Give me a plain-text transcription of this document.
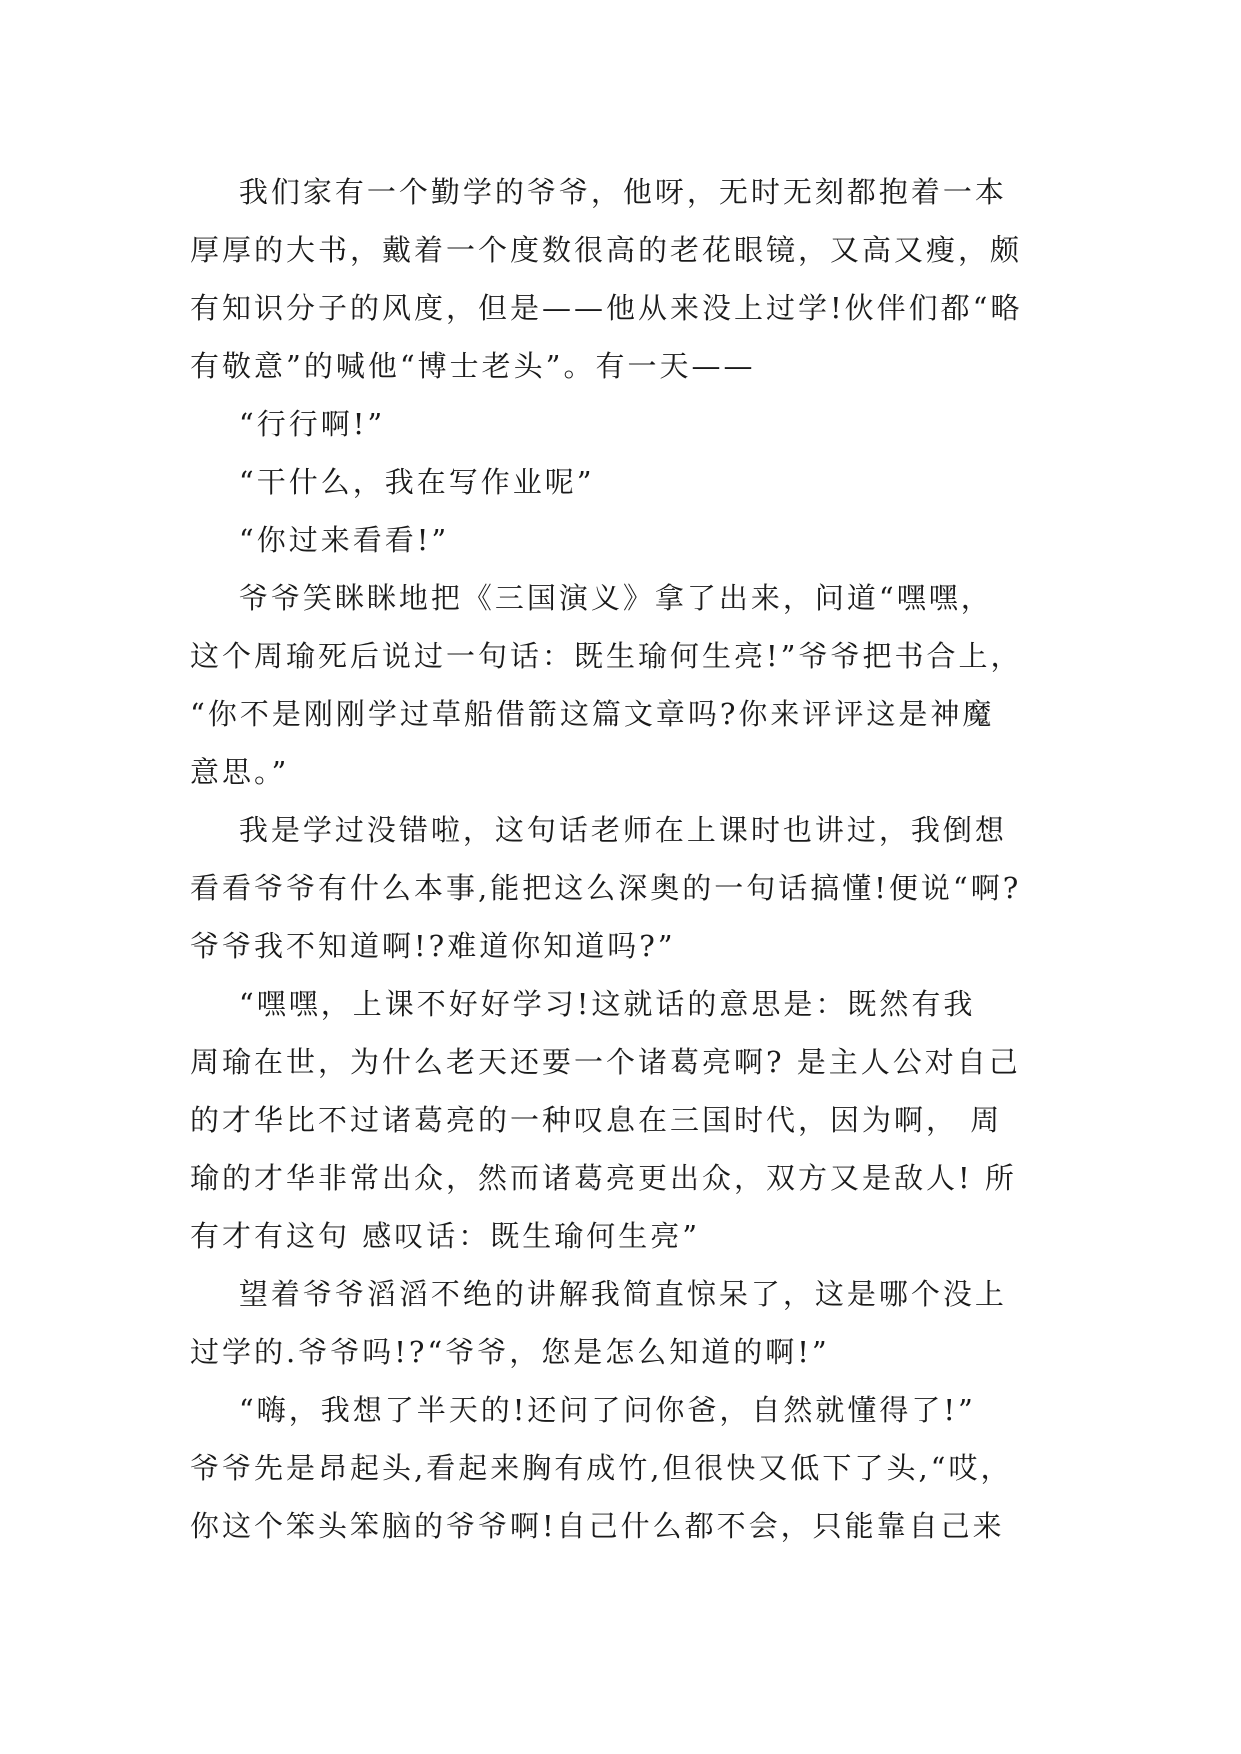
我们家有一个勤学的爷爷，他呀，无时无刻都抱着一本
厚厚的大书，戴着一个度数很高的老花眼镜，又高又瘦，颇
有知识分子的风度，但是——他从来没上过学!伙伴们都“略
有敬意”的喊他“博士老头”。有一天——
“行行啊!”
“干什么，我在写作业呢”
“你过来看看!”
爷爷笑眯眯地把《三国演义》拿了出来，问道“嘿嘿，
这个周瑜死后说过一句话：既生瑜何生亮!”爷爷把书合上，
“你不是刚刚学过草船借箭这篇文章吗?你来评评这是神魔
意思。”
我是学过没错啦，这句话老师在上课时也讲过，我倒想
看看爷爷有什么本事,能把这么深奥的一句话搞懂!便说“啊?
爷爷我不知道啊!?难道你知道吗?”
“嘿嘿，上课不好好学习!这就话的意思是：既然有我
周瑜在世，为什么老天还要一个诸葛亮啊? 是主人公对自己
的才华比不过诸葛亮的一种叹息在三国时代，因为啊， 周
瑜的才华非常出众，然而诸葛亮更出众，双方又是敌人! 所
有才有这句 感叹话：既生瑜何生亮”
望着爷爷滔滔不绝的讲解我简直惊呆了，这是哪个没上
过学的.爷爷吗!?“爷爷，您是怎么知道的啊!”
“嗨，我想了半天的!还问了问你爸，自然就懂得了!”
爷爷先是昂起头,看起来胸有成竹,但很快又低下了头,“哎，
你这个笨头笨脑的爷爷啊!自己什么都不会，只能靠自己来
